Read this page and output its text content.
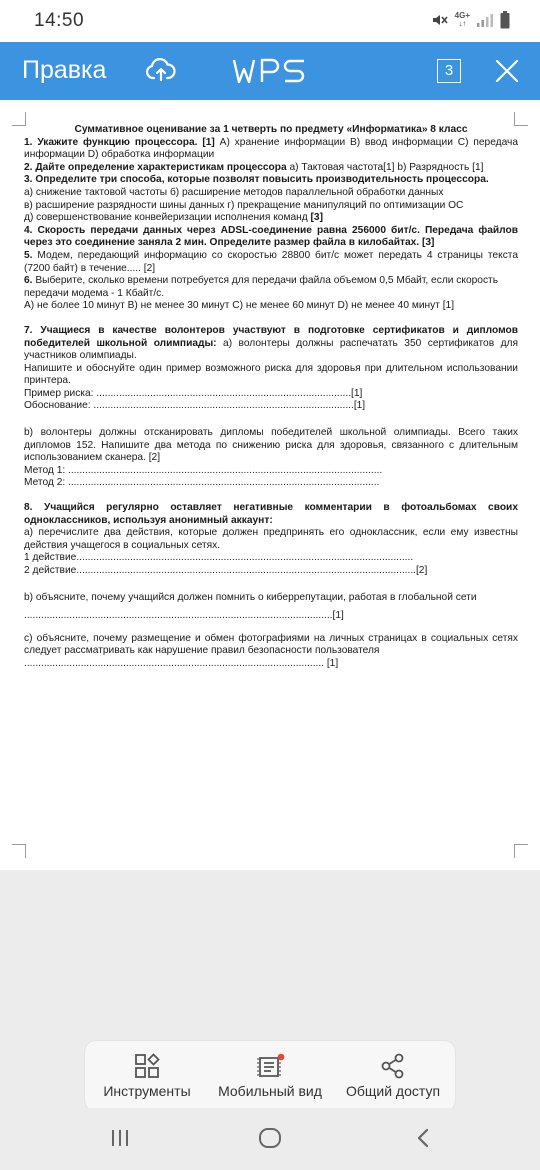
14:50	4G+
↓↑
Правка	3

Суммативное оценивание за 1 четверть по предмету «Информатика» 8 класс

1. Укажите функцию процессора. [1] А) хранение информации В) ввод информации С) передача информации D) обработка информации

2. Дайте определение характеристикам процессора а) Тактовая частота[1] b) Разрядность [1]

3. Определите три способа, которые позволят повысить производительность процессора.

а) снижение тактовой частоты б) расширение методов параллельной обработки данных

в) расширение разрядности шины данных г) прекращение манипуляций по оптимизации ОС

д) совершенствование конвейеризации исполнения команд [3]

4. Скорость передачи данных через ADSL-соединение равна 256000 бит/c. Передача файлов через это соединение заняла 2 мин. Определите размер файла в килобайтах. [3]

5. Модем, передающий информацию со скоростью 28800 бит/с может передать 4 страницы текста (7200 байт) в течение..... [2]

6. Выберите, сколько времени потребуется для передачи файла объемом 0,5 Мбайт, если скорость передачи модема - 1 Кбайт/с.

А) не более 10 минут В) не менее 30 минут С) не менее 60 минут D) не менее 40 минут [1]

7. Учащиеся в качестве волонтеров участвуют в подготовке сертификатов и дипломов победителей школьной олимпиады: а) волонтеры должны распечатать 350 сертификатов для участников олимпиады.

Напишите и обоснуйте один пример возможного риска для здоровья при длительном использовании принтера.

Пример риска: ..........................................................................................[1]

Обоснование: ............................................................................................[1]

b) волонтеры должны отсканировать дипломы победителей школьной олимпиады. Всего таких дипломов 152. Напишите два метода по снижению риска для здоровья, связанного с длительным использованием сканера. [2]

Метод 1: ...............................................................................................................

Метод 2: ..............................................................................................................

8. Учащийся регулярно оставляет негативные комментарии в фотоальбомах своих одноклассников, используя анонимный аккаунт:

а) перечислите два действия, которые должен предпринять его одноклассник, если ему известны действия учащегося в социальных сетях.

1 действие.......................................................................................................................

2 действие........................................................................................................................[2]

b) объясните, почему учащийся должен помнить о киберрепутации, работая в глобальной сети

.............................................................................................................[1]

c) объясните, почему размещение и обмен фотографиями на личных страницах в социальных сетях следует рассматривать как нарушение правил безопасности пользователя

.......................................................................................................... [1]

Инструменты	Мобильный вид	Общий доступ
